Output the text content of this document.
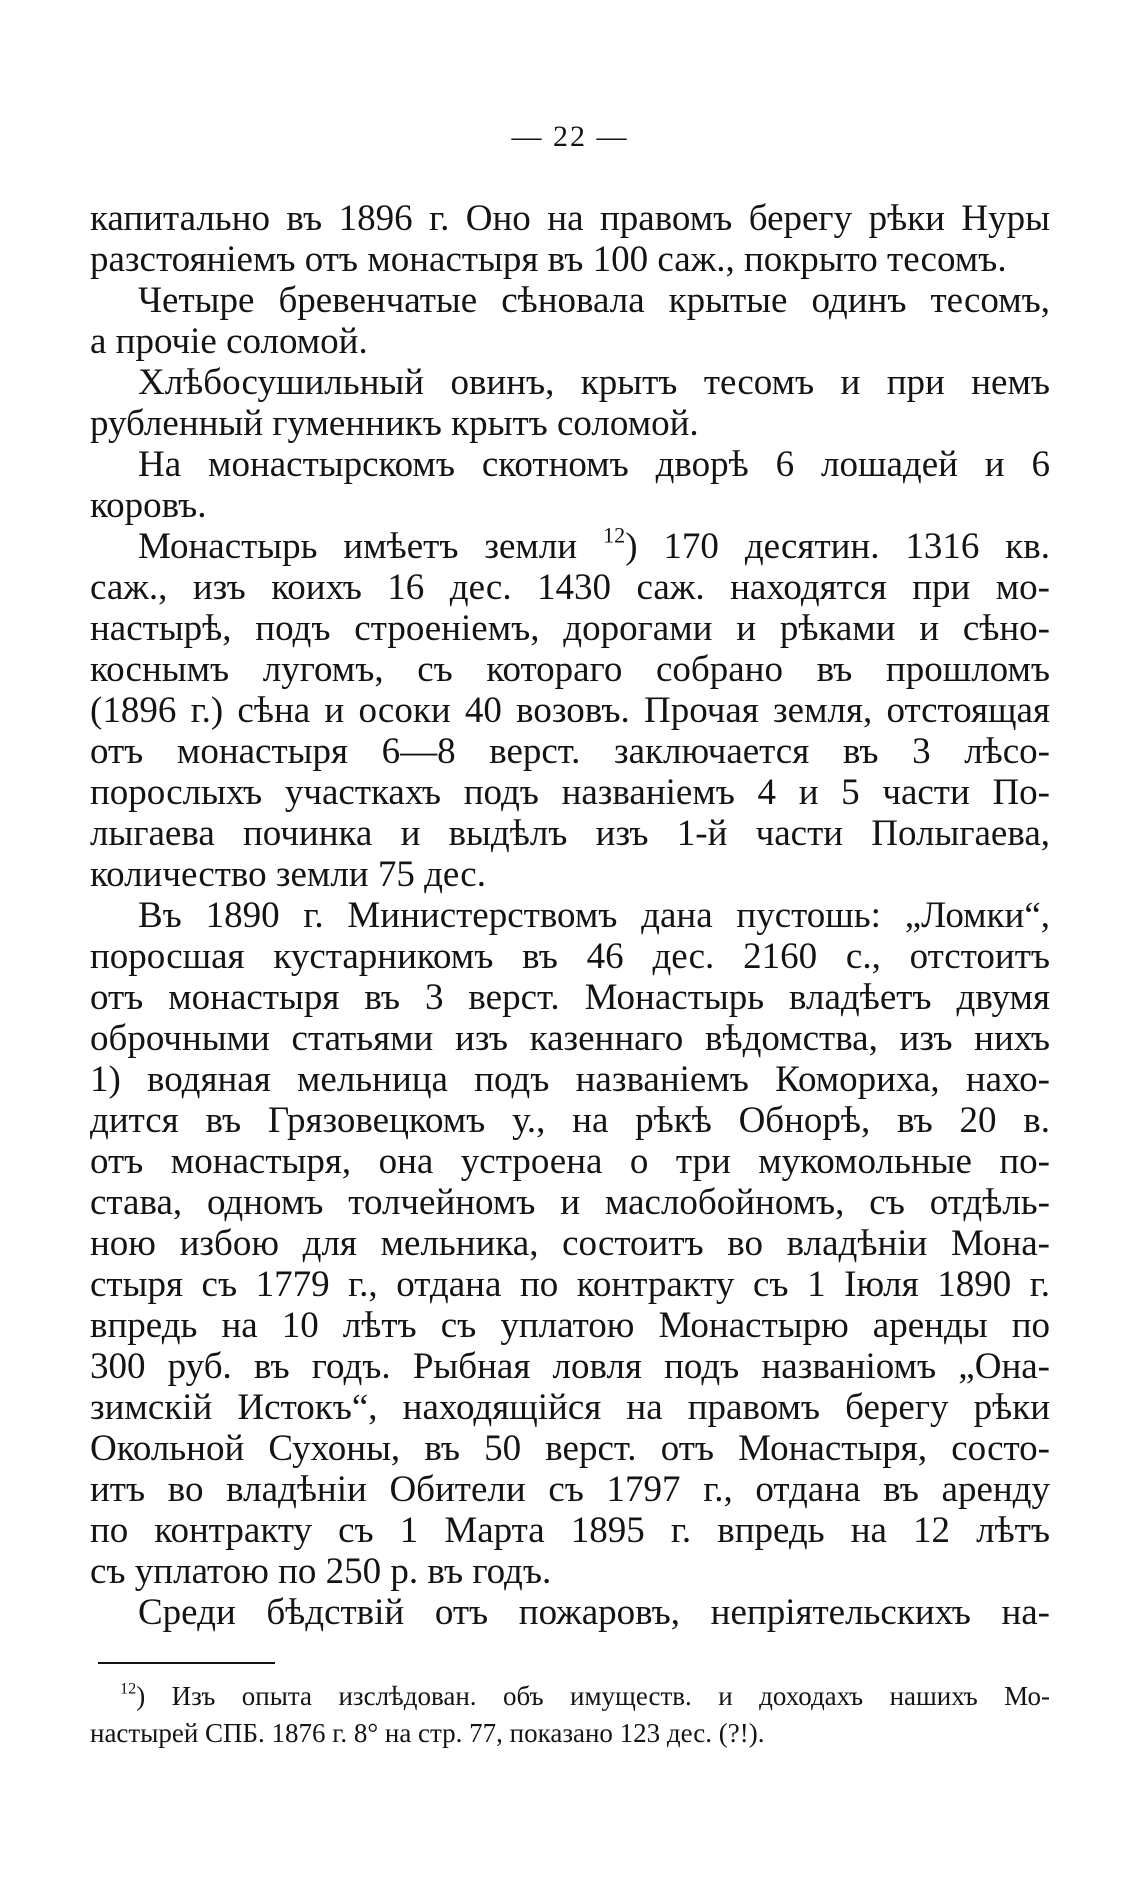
— 22 —
капитально въ 1896 г. Оно на правомъ берегу рѣки Нуры
разстояніемъ отъ монастыря въ 100 саж., покрыто тесомъ.
Четыре бревенчатые сѣновала крытые одинъ тесомъ,
а прочіе соломой.
Хлѣбосушильный овинъ, крытъ тесомъ и при немъ
рубленный гуменникъ крытъ соломой.
На монастырскомъ скотномъ дворѣ 6 лошадей и 6
коровъ.
Монастырь имѣетъ земли $^{12}$) 170 десятин. 1316 кв.
саж., изъ коихъ 16 дес. 1430 саж. находятся при мо-
настырѣ, подъ строеніемъ, дорогами и рѣками и сѣно-
коснымъ лугомъ, съ котораго собрано въ прошломъ
(1896 г.) сѣна и осоки 40 возовъ. Прочая земля, отстоящая
отъ монастыря 6—8 верст. заключается въ 3 лѣсо-
порослыхъ участкахъ подъ названіемъ 4 и 5 части По-
лыгаева починка и выдѣлъ изъ 1-й части Полыгаева,
количество земли 75 дес.
Въ 1890 г. Министерствомъ дана пустошь: „Ломки“,
поросшая кустарникомъ въ 46 дес. 2160 с., отстоитъ
отъ монастыря въ 3 верст. Монастырь владѣетъ двумя
оброчными статьями изъ казеннаго вѣдомства, изъ нихъ
1) водяная мельница подъ названіемъ Комориха, нахо-
дится въ Грязовецкомъ у., на рѣкѣ Обнорѣ, въ 20 в.
отъ монастыря, она устроена о три мукомольные по-
става, одномъ толчейномъ и маслобойномъ, съ отдѣль-
ною избою для мельника, состоитъ во владѣніи Мона-
стыря съ 1779 г., отдана по контракту съ 1 Іюля 1890 г.
впредь на 10 лѣтъ съ уплатою Монастырю аренды по
300 руб. въ годъ. Рыбная ловля подъ названіомъ „Она-
зимскій Истокъ“, находящійся на правомъ берегу рѣки
Окольной Сухоны, въ 50 верст. отъ Монастыря, состо-
итъ во владѣніи Обители съ 1797 г., отдана въ аренду
по контракту съ 1 Марта 1895 г. впредь на 12 лѣтъ
съ уплатою по 250 р. въ годъ.
Среди бѣдствій отъ пожаровъ, непріятельскихъ на-
$^{12}$) Изъ опыта изслѣдован. объ имуществ. и доходахъ нашихъ Мо-
настырей СПБ. 1876 г. 8° на стр. 77, показано 123 дес. (?!).
